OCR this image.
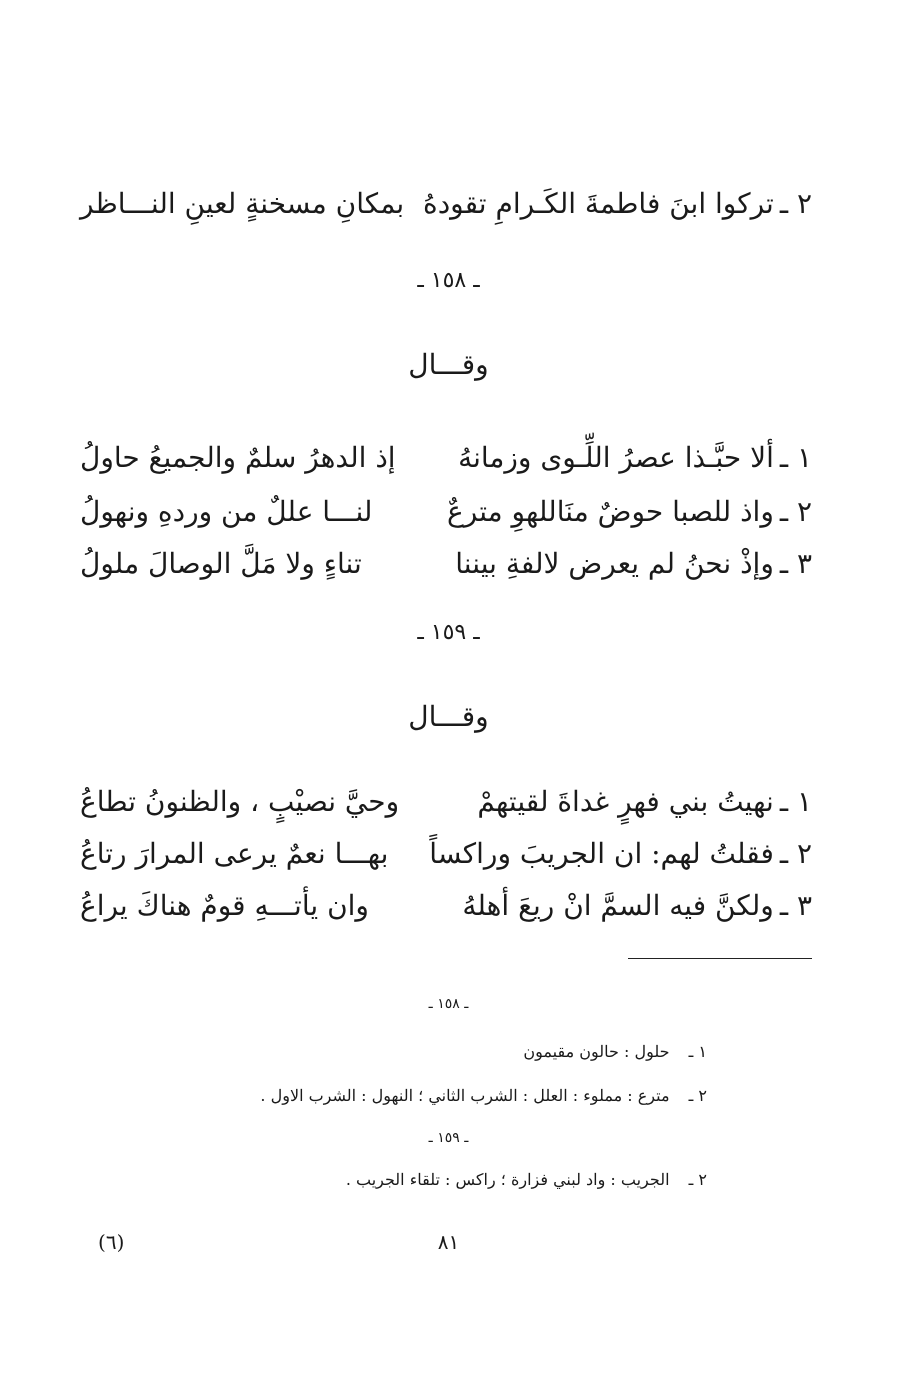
٢ ـ
تركوا ابنَ فاطمةَ الكَـرامِ تقودهُ
بمكانِ مسخنةٍ لعينِ النـــاظر
ـ ١٥٨ ـ
وقـــال
١ ـ
ألا حبَّـذا عصرُ اللِّـوى وزمانهُ
إذ الدهرُ سلمٌ والجميعُ حاولُ
٢ ـ
واذ للصبا حوضٌ منَاللهوِ مترعٌ
لنـــا عللٌ من وردهِ ونهولُ
٣ ـ
وإذْ نحنُ لم يعرض لالفةِ بيننا
تناءٍ ولا مَلَّ الوصالَ ملولُ
ـ ١٥٩ ـ
وقـــال
١ ـ
نهيتُ بني فهرٍ غداةَ لقيتهمْ
وحيَّ نصيْبٍ ، والظنونُ تطاعُ
٢ ـ
فقلتُ لهم: ان الجريبَ وراكساً
بهـــا نعمٌ يرعى المرارَ رتاعُ
٣ ـ
ولكنَّ فيه السمَّ انْ ريعَ أهلهُ
وان يأتـــهِ قومٌ هناكَ يراعُ
ـ ١٥٨ ـ
١ ـ حلول : حالون مقيمون
٢ ـ مترع : مملوء : العلل : الشرب الثاني ؛ النهول : الشرب الاول .
ـ ١٥٩ ـ
٢ ـ الجريب : واد لبني فزارة ؛ راكس : تلقاء الجريب .
٨١
(٦)
